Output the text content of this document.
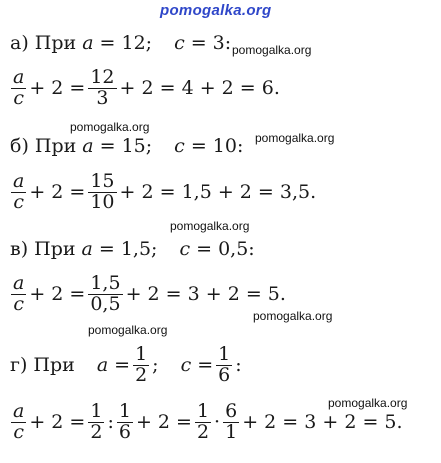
pomogalka.org
pomogalka.org
pomogalka.org
pomogalka.org
pomogalka.org
pomogalka.org
pomogalka.org
pomogalka.org
а) При a = 12; c = 3:
$\frac{a}{c} + 2 = \frac{12}{3} + 2 = 4 + 2 = 6$.
б) При a = 15; c = 10:
$\frac{a}{c} + 2 = \frac{15}{10} + 2 = 1,5 + 2 = 3,5$.
в) При a = 1,5; c = 0,5:
$\frac{a}{c} + 2 = \frac{1,5}{0,5} + 2 = 3 + 2 = 5$.
г) При $a = \frac{1}{2}$ ; $c = \frac{1}{6}$ :
$\frac{a}{c} + 2 = \frac{1}{2}$ : $\frac{1}{6} + 2 = \frac{1}{2} \cdot \frac{6}{1} + 2 = 3 + 2 = 5$.
